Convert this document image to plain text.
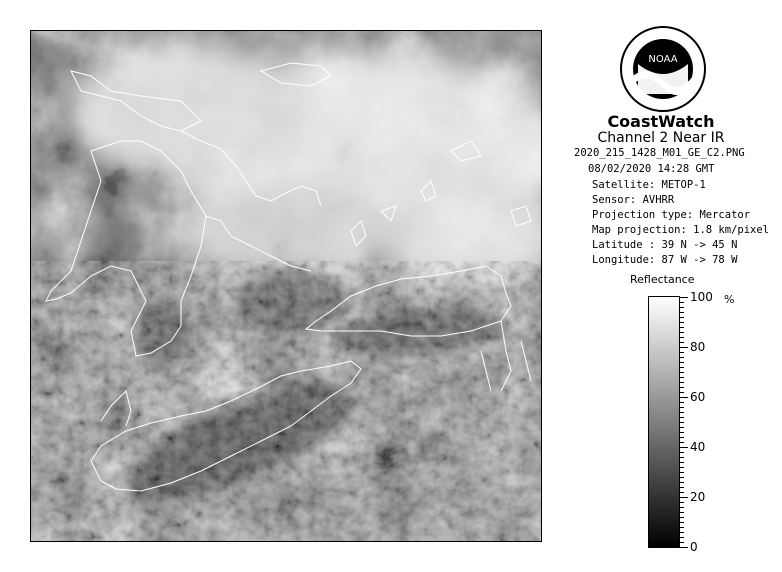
NOAA
CoastWatch
Channel 2 Near IR
2020_215_1428_M01_GE_C2.PNG
08/02/2020 14:28 GMT
Satellite: METOP-1
Sensor: AVHRR
Projection type: Mercator
Map projection: 1.8 km/pixel
Latitude : 39 N -> 45 N
Longitude: 87 W -> 78 W
Reflectance
%
100
80
60
40
20
0
